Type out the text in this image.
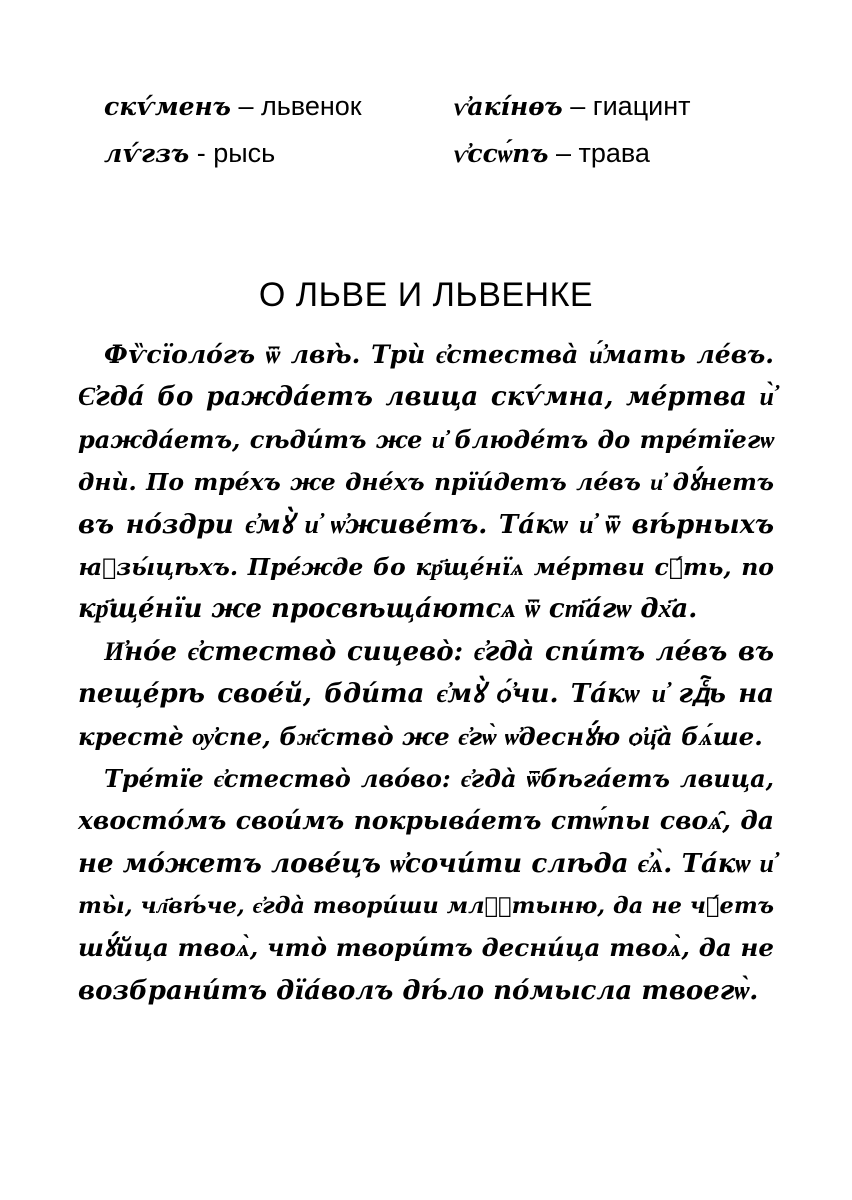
скѵ́менъ – львенок	ѵ҆акі́нѳъ – гиацинт
лѵ́гзъ - рысь	ѵ҆ссѡ́пъ – трава
О ЛЬВЕ И ЛЬВЕНКЕ
Фѷсїоло́гъ ѿ лвѣ̀. Трѝ є҆стества̀ и҆́мать ле́въ.
Є҆гда́ бо ражда́етъ лвица скѵ́мна, ме́ртва и҆̀
ражда́етъ, сѣди́тъ же и҆ блюде́тъ до тре́тїегѡ
днѝ. По тре́хъ же дне́хъ прїи́детъ ле́въ и҆ дꙋ́нетъ
въ но́здри є҆мꙋ̀ и҆ ѡ҆живе́тъ. Та́кѡ и҆ ѿ вѣ́рныхъ
ꙗ҆зы́цѣхъ. Пре́жде бо кр҃ще́нїѧ ме́ртви сꙋ́ть, по
кр҃ще́нїи же просвѣща́ютсѧ ѿ ст҃а́гѡ дх҃а.
И҆но́е є҆стество̀ сицево̀: є҆гда̀ спи́тъ ле́въ въ
пеще́рѣ свое́й, бди́та є҆мꙋ̀ ѻ҆́чи. Та́кѡ и҆ гдⷭ҇ь на
крестѐ ѹ҆спе, бж҃ство̀ же є҆гѡ̀ ѡ҆деснꙋ́ю ѻ҆ц҃а̀ бѧ́ше.
Тре́тїе є҆стество̀ лво́во: є҆гда̀ ѿбѣга́етъ лвица,
хвосто́мъ свои́мъ покрыва́етъ стѡ́пы своѧ̑, да
не мо́жетъ лове́цъ ѡ҆сочи́ти слѣда є҆ѧ̀. Та́кѡ и҆
ты̀, чл҃вѣ́че, є҆гда̀ твори́ши млⷭ҇тыню, да не чꙋ́етъ
шꙋ́йца твоѧ̀, что̀ твори́тъ десни́ца твоѧ̀, да не
возбрани́тъ дїа́волъ дѣ́ло по́мысла твоегѡ̀.
